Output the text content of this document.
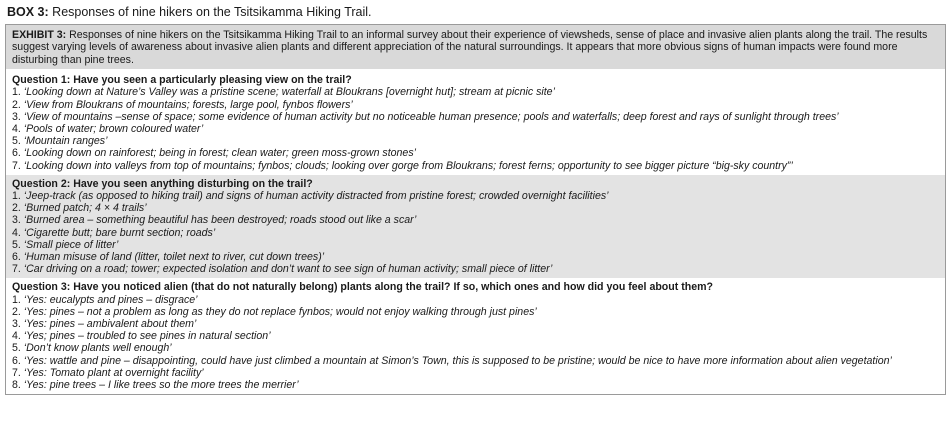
BOX 3: Responses of nine hikers on the Tsitsikamma Hiking Trail.
EXHIBIT 3: Responses of nine hikers on the Tsitsikamma Hiking Trail to an informal survey about their experience of viewsheds, sense of place and invasive alien plants along the trail. The results suggest varying levels of awareness about invasive alien plants and different appreciation of the natural surroundings. It appears that more obvious signs of human impacts were found more disturbing than pine trees.
Question 1: Have you seen a particularly pleasing view on the trail?
1. ‘Looking down at Nature’s Valley was a pristine scene; waterfall at Bloukrans [overnight hut]; stream at picnic site’
2. ‘View from Bloukrans of mountains; forests, large pool, fynbos flowers’
3. ‘View of mountains –sense of space; some evidence of human activity but no noticeable human presence; pools and waterfalls; deep forest and rays of sunlight through trees’
4. ‘Pools of water; brown coloured water’
5. ‘Mountain ranges’
6. ‘Looking down on rainforest; being in forest; clean water; green moss-grown stones’
7. ‘Looking down into valleys from top of mountains; fynbos; clouds; looking over gorge from Bloukrans; forest ferns; opportunity to see bigger picture “big-sky country”’
Question 2: Have you seen anything disturbing on the trail?
1. ‘Jeep-track (as opposed to hiking trail) and signs of human activity distracted from pristine forest; crowded overnight facilities’
2. ‘Burned patch; 4 × 4 trails’
3. ‘Burned area – something beautiful has been destroyed; roads stood out like a scar’
4. ‘Cigarette butt; bare burnt section; roads’
5. ‘Small piece of litter’
6. ‘Human misuse of land (litter, toilet next to river, cut down trees)’
7. ‘Car driving on a road; tower; expected isolation and don’t want to see sign of human activity; small piece of litter’
Question 3: Have you noticed alien (that do not naturally belong) plants along the trail? If so, which ones and how did you feel about them?
1. ‘Yes: eucalypts and pines – disgrace’
2. ‘Yes: pines – not a problem as long as they do not replace fynbos; would not enjoy walking through just pines’
3. ‘Yes: pines – ambivalent about them’
4. ‘Yes; pines – troubled to see pines in natural section’
5. ‘Don’t know plants well enough’
6. ‘Yes: wattle and pine – disappointing, could have just climbed a mountain at Simon’s Town, this is supposed to be pristine; would be nice to have more information about alien vegetation’
7. ‘Yes: Tomato plant at overnight facility’
8. ‘Yes: pine trees – I like trees so the more trees the merrier’
